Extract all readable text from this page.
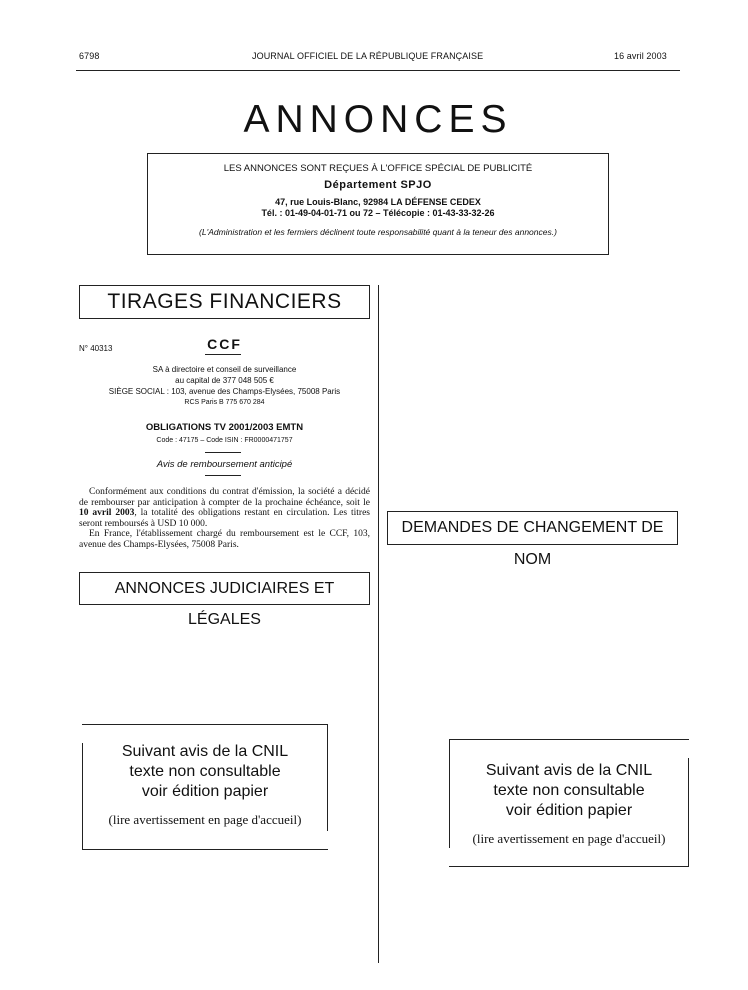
6798	JOURNAL OFFICIEL DE LA RÉPUBLIQUE FRANÇAISE	16 avril 2003
ANNONCES
LES ANNONCES SONT REÇUES À L'OFFICE SPÉCIAL DE PUBLICITÉ
Département SPJO
47, rue Louis-Blanc, 92984 LA DÉFENSE CEDEX
Tél. : 01-49-04-01-71 ou 72 – Télécopie : 01-43-33-32-26
(L'Administration et les fermiers déclinent toute responsabilité quant à la teneur des annonces.)
TIRAGES FINANCIERS
N° 40313	CCF
SA à directoire et conseil de surveillance
au capital de 377 048 505 €
SIÈGE SOCIAL : 103, avenue des Champs-Elysées, 75008 Paris
RCS Paris B 775 670 284
OBLIGATIONS TV 2001/2003 EMTN
Code : 47175 – Code ISIN : FR0000471757
Avis de remboursement anticipé

Conformément aux conditions du contrat d'émission, la société a décidé de rembourser par anticipation à compter de la prochaine échéance, soit le 10 avril 2003, la totalité des obligations restant en circulation. Les titres seront remboursés à USD 10 000.

En France, l'établissement chargé du remboursement est le CCF, 103, avenue des Champs-Elysées, 75008 Paris.

ANNONCES JUDICIAIRES ET LÉGALES
Suivant avis de la CNIL
texte non consultable
voir édition papier
(lire avertissement en page d'accueil)
DEMANDES DE CHANGEMENT DE NOM
Suivant avis de la CNIL
texte non consultable
voir édition papier
(lire avertissement en page d'accueil)
